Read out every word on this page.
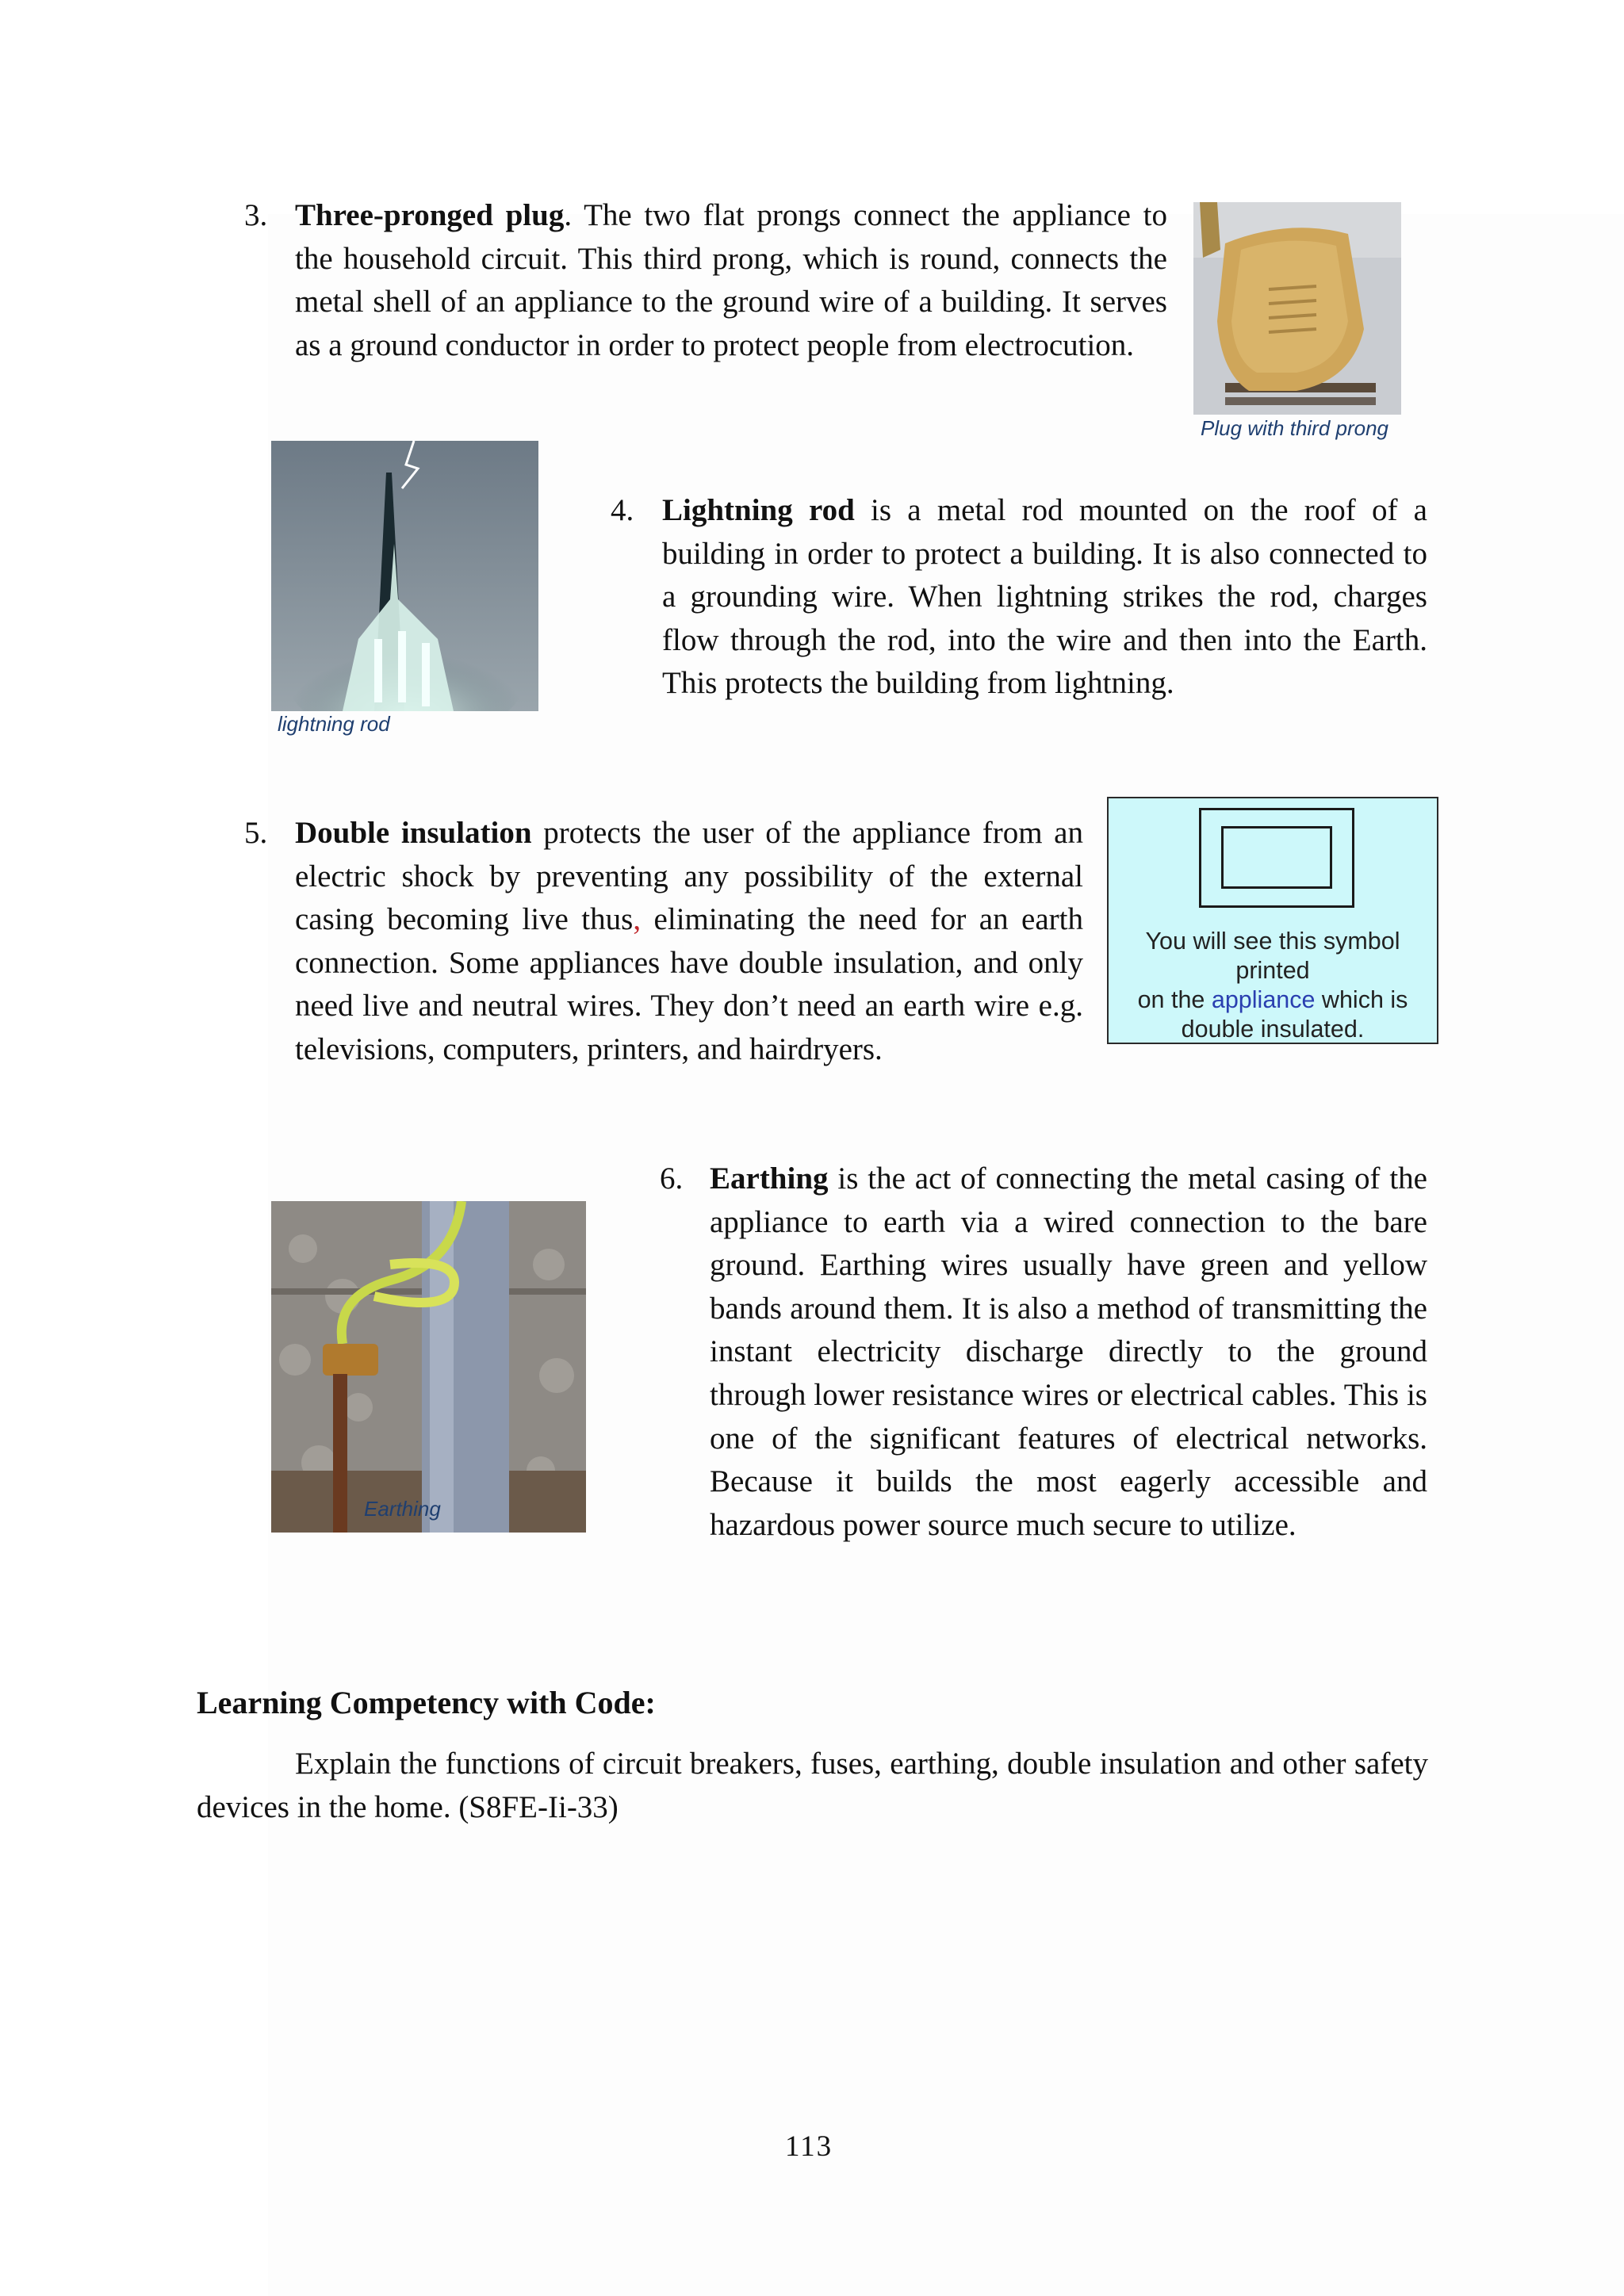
3. Three-pronged plug. The two flat prongs connect the appliance to the household circuit. This third prong, which is round, connects the metal shell of an appliance to the ground wire of a building. It serves as a ground conductor in order to protect people from electrocution.
Plug with third prong
lightning rod
4. Lightning rod is a metal rod mounted on the roof of a building in order to protect a building. It is also connected to a grounding wire. When lightning strikes the rod, charges flow through the rod, into the wire and then into the Earth. This protects the building from lightning.
5. Double insulation protects the user of the appliance from an electric shock by preventing any possibility of the external casing becoming live thus, eliminating the need for an earth connection. Some appliances have double insulation, and only need live and neutral wires. They don’t need an earth wire e.g. televisions, computers, printers, and hairdryers.
You will see this symbol
printed
on the appliance which is
double insulated.
Earthing
6. Earthing is the act of connecting the metal casing of the appliance to earth via a wired connection to the bare ground. Earthing wires usually have green and yellow bands around them. It is also a method of transmitting the instant electricity discharge directly to the ground through lower resistance wires or electrical cables. This is one of the significant features of electrical networks. Because it builds the most eagerly accessible and hazardous power source much secure to utilize.
Learning Competency with Code:
Explain the functions of circuit breakers, fuses, earthing, double insulation and other safety devices in the home. (S8FE-Ii-33)
113
